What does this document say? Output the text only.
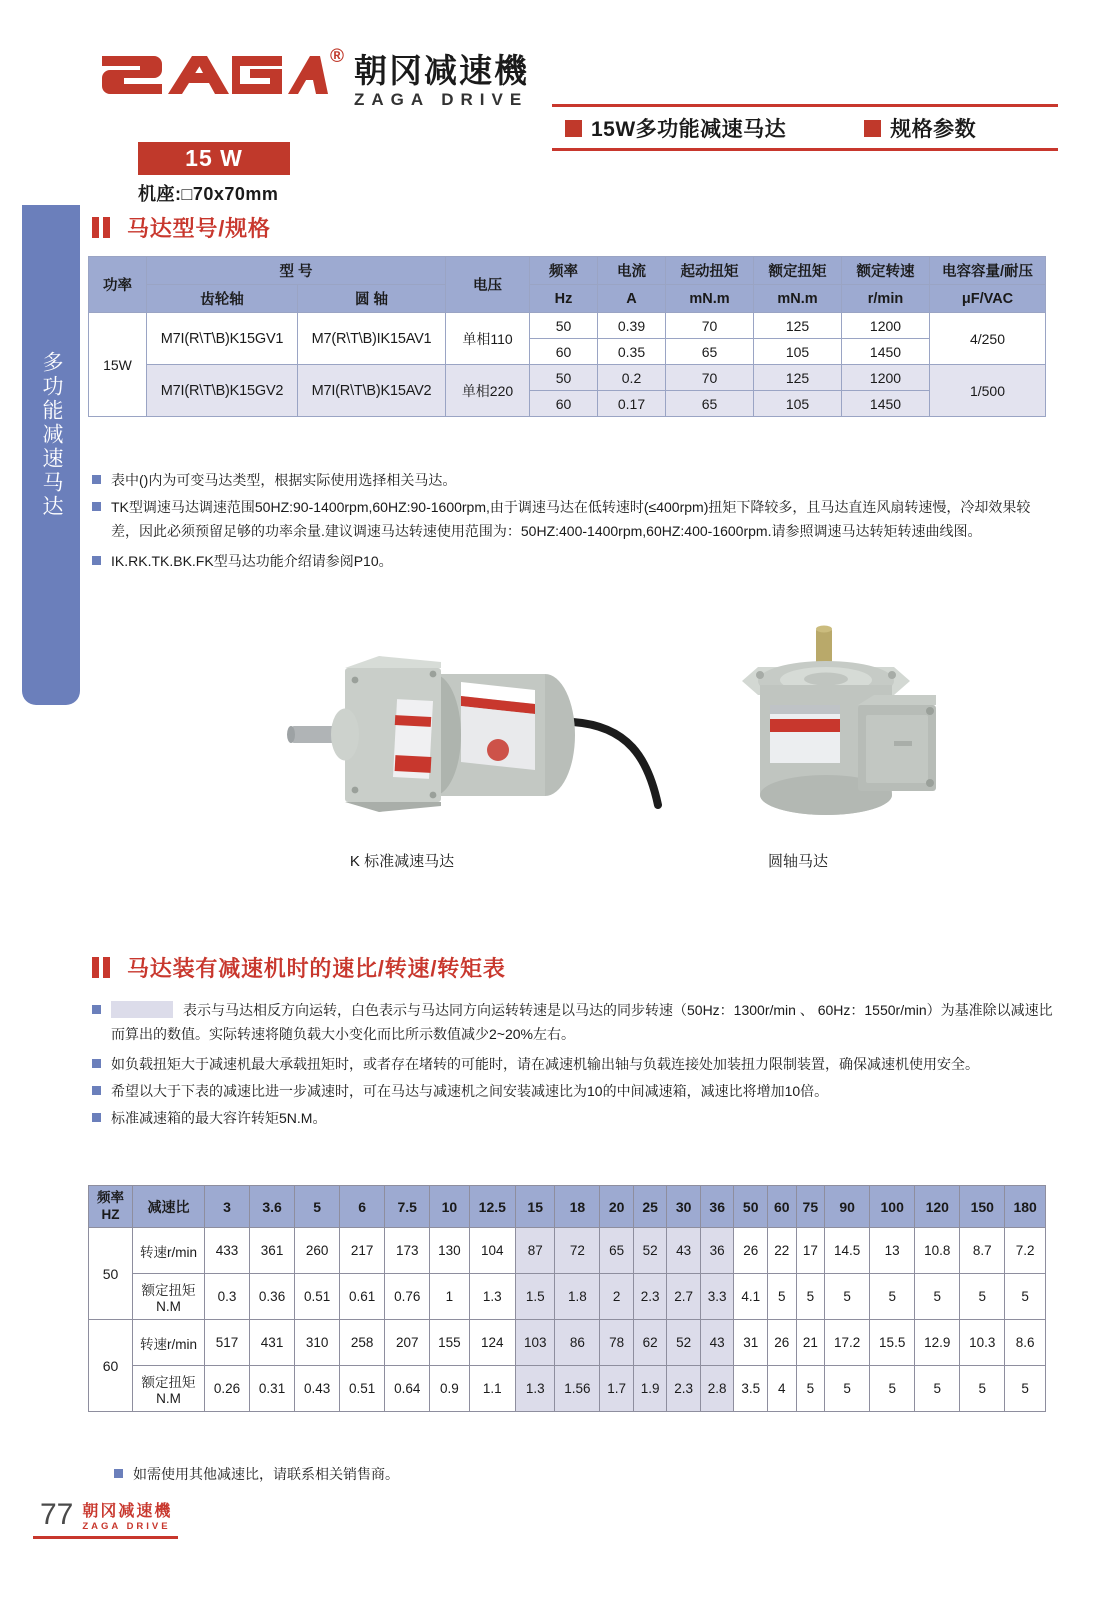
多功能减速马达
® 朝冈减速機
ZAGA DRIVE
15W多功能减速马达	规格参数
15 W
机座:□70x70mm
马达型号/规格
功率	型 号		电压	频率	电流	起动扭矩	额定扭矩	额定转速	电容容量/耐压
	齿轮轴	圆 轴		Hz	A	mN.m	mN.m	r/min	μF/VAC
15W	M7I(R\T\B)K15GV1	M7(R\T\B)IK15AV1	单相110	50	0.39	70	125	1200	4/250
				60	0.35	65	105	1450	
	M7I(R\T\B)K15GV2	M7I(R\T\B)K15AV2	单相220	50	0.2	70	125	1200	1/500
				60	0.17	65	105	1450	
表中()内为可变马达类型，根据实际使用选择相关马达。
TK型调速马达调速范围50HZ:90-1400rpm,60HZ:90-1600rpm,由于调速马达在低转速时(≤400rpm)扭矩下降较多，且马达直连风扇转速慢，冷却效果较差，因此必须预留足够的功率余量.建议调速马达转速使用范围为：50HZ:400-1400rpm,60HZ:400-1600rpm.请参照调速马达转矩转速曲线图。
IK.RK.TK.BK.FK型马达功能介绍请参阅P10。
K 标准减速马达	圆轴马达
马达装有减速机时的速比/转速/转矩表
表示与马达相反方向运转，白色表示与马达同方向运转转速是以马达的同步转速（50Hz：1300r/min 、 60Hz：1550r/min）为基准除以减速比而算出的数值。实际转速将随负载大小变化而比所示数值减少2~20%左右。
如负载扭矩大于减速机最大承载扭矩时，或者存在堵转的可能时，请在减速机输出轴与负载连接处加装扭力限制装置，确保减速机使用安全。
希望以大于下表的减速比进一步减速时，可在马达与减速机之间安装减速比为10的中间减速箱，减速比将增加10倍。
标准减速箱的最大容许转矩5N.M。
频率
HZ	减速比	3	3.6	5	6	7.5	10	12.5	15	18	20	25	30	36	50	60	75	90	100	120	150	180
50	转速r/min	433	361	260	217	173	130	104	87	72	65	52	43	36	26	22	17	14.5	13	10.8	8.7	7.2
	额定扭矩
N.M	0.3	0.36	0.51	0.61	0.76	1	1.3	1.5	1.8	2	2.3	2.7	3.3	4.1	5	5	5	5	5	5	5
60	转速r/min	517	431	310	258	207	155	124	103	86	78	62	52	43	31	26	21	17.2	15.5	12.9	10.3	8.6
	额定扭矩
N.M	0.26	0.31	0.43	0.51	0.64	0.9	1.1	1.3	1.56	1.7	1.9	2.3	2.8	3.5	4	5	5	5	5	5	5
如需使用其他减速比，请联系相关销售商。
77 朝冈减速機
ZAGA DRIVE
